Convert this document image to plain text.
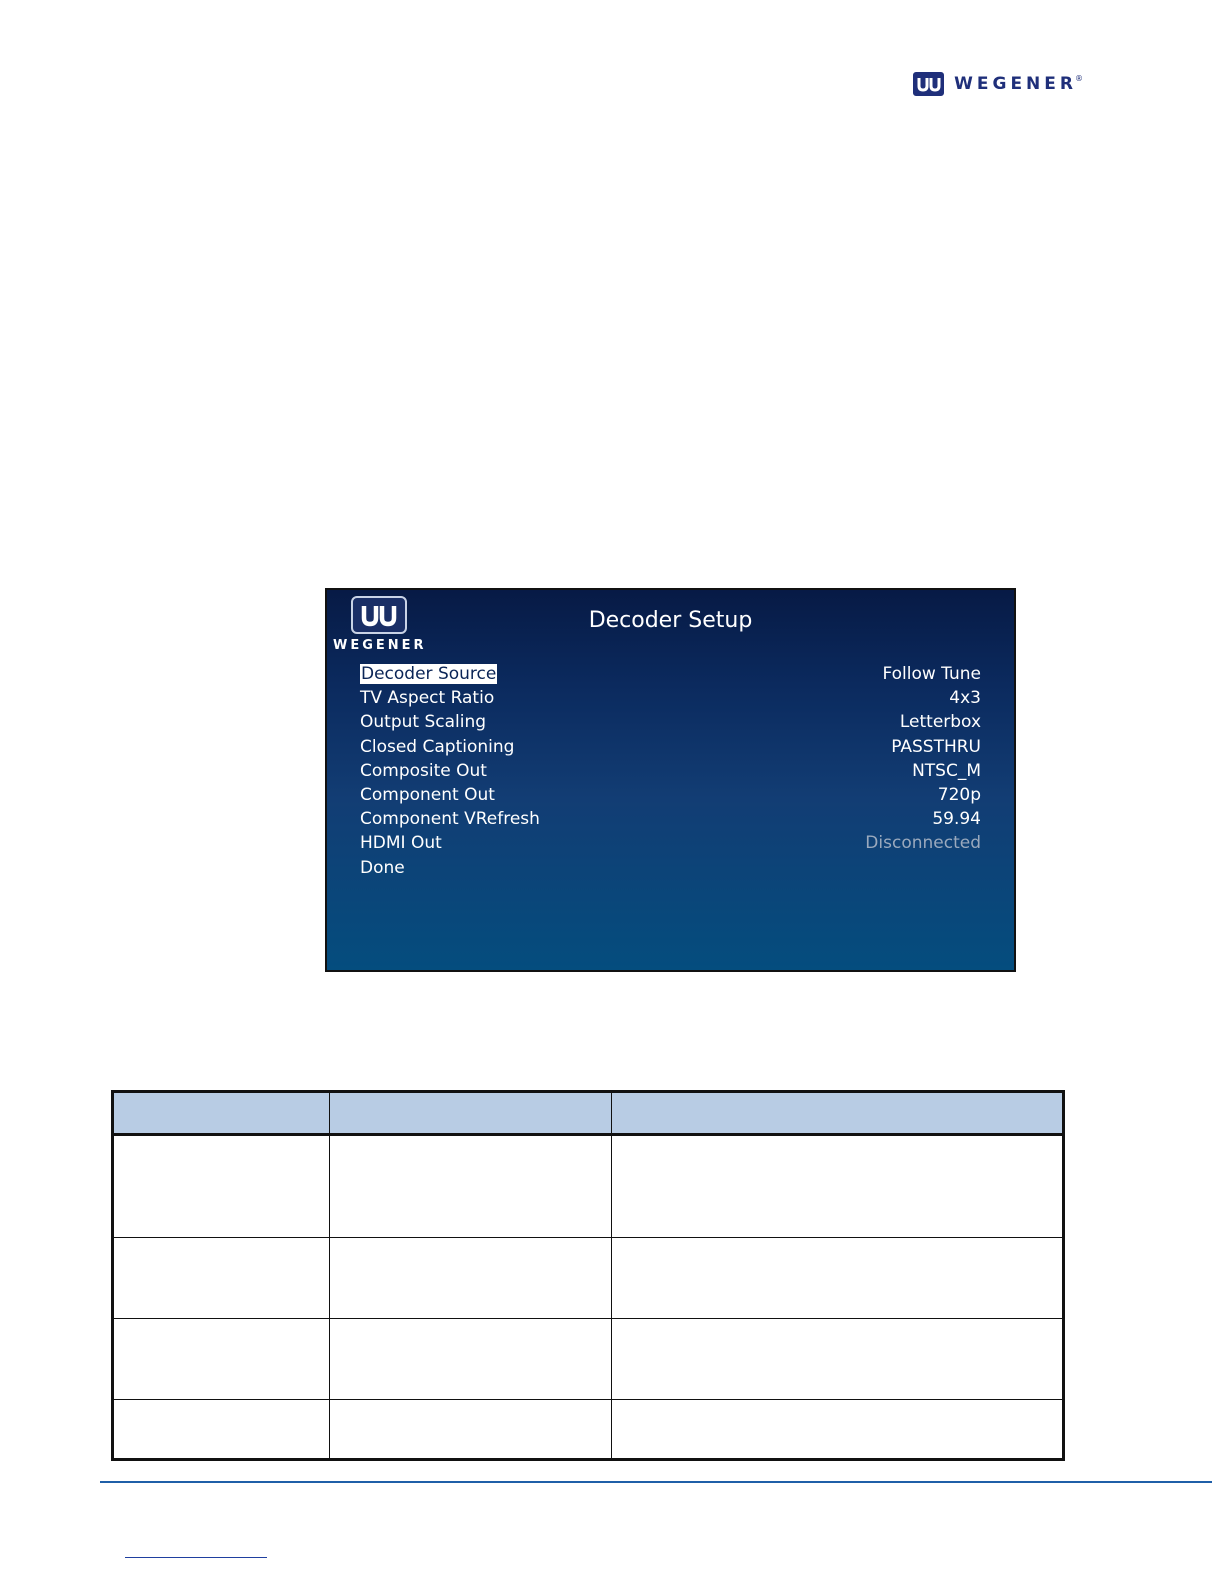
WEGENER
®
WEGENER
Decoder Setup
Decoder Source	Follow Tune
TV Aspect Ratio	4x3
Output Scaling	Letterbox
Closed Captioning	PASSTHRU
Composite Out	NTSC_M
Component Out	720p
Component VRefresh	59.94
HDMI Out	Disconnected
Done
